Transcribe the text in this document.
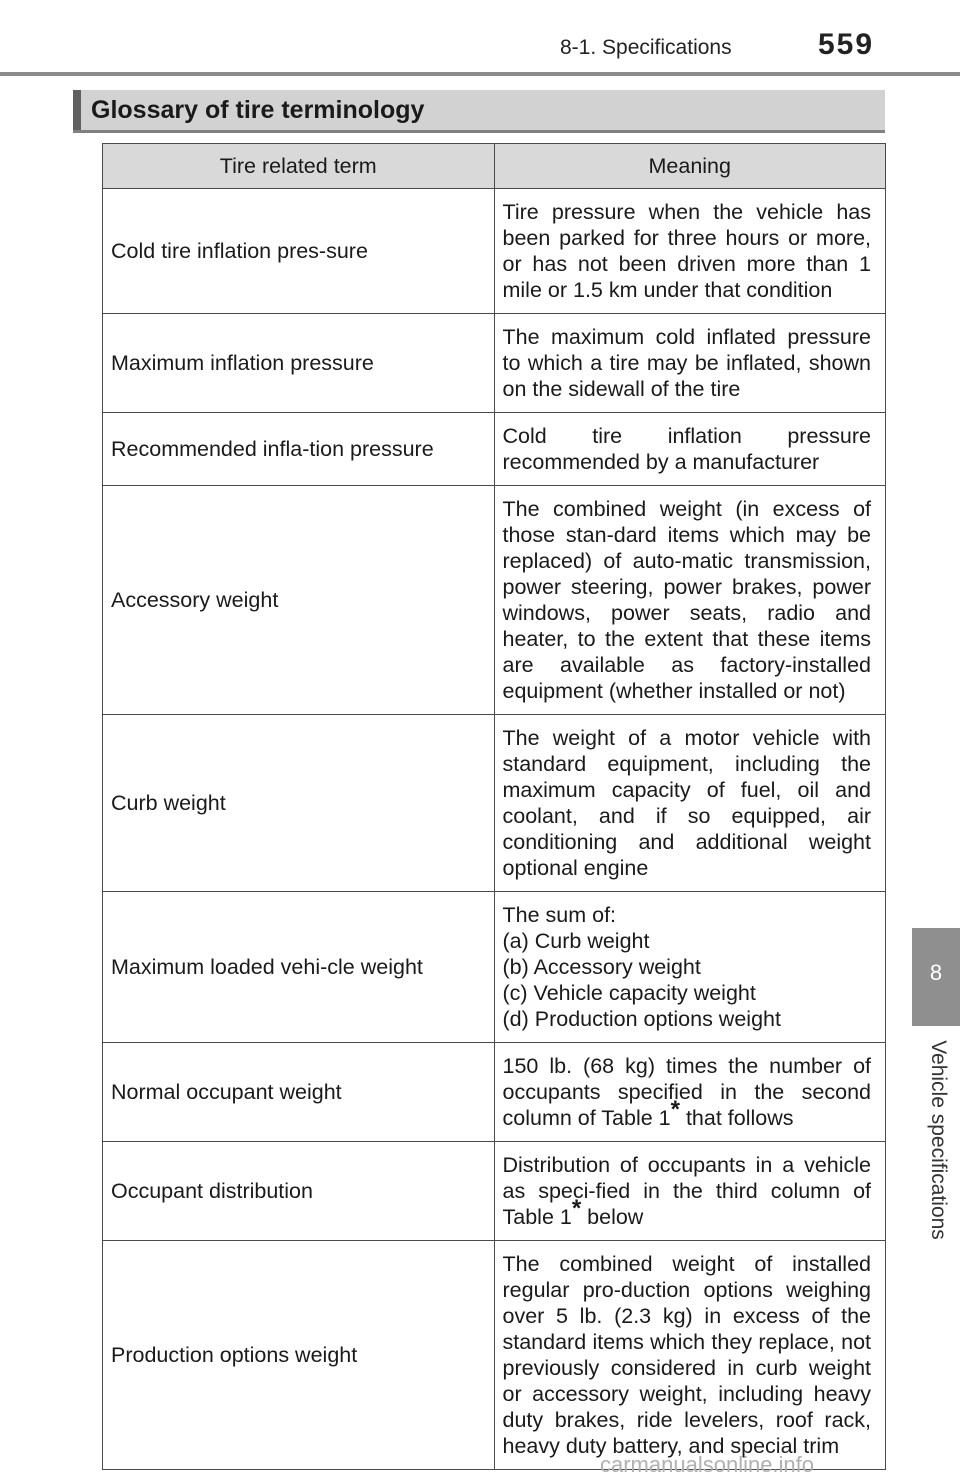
8-1. Specifications	559
Glossary of tire terminology
Tire related term	Meaning
Cold tire inflation pres-sure	Tire pressure when the vehicle has been parked for three hours or more, or has not been driven more than 1 mile or 1.5 km under that condition
Maximum inflation pressure	The maximum cold inflated pressure to which a tire may be inflated, shown on the sidewall of the tire
Recommended infla-tion pressure	Cold tire inflation pressure recommended by a manufacturer
Accessory weight	The combined weight (in excess of those stan-dard items which may be replaced) of auto-matic transmission, power steering, power brakes, power windows, power seats, radio and heater, to the extent that these items are available as factory-installed equipment (whether installed or not)
Curb weight	The weight of a motor vehicle with standard equipment, including the maximum capacity of fuel, oil and coolant, and if so equipped, air conditioning and additional weight optional engine
Maximum loaded vehi-cle weight	The sum of:
(a) Curb weight
(b) Accessory weight
(c) Vehicle capacity weight
(d) Production options weight

Normal occupant weight	150 lb. (68 kg) times the number of occupants specified in the second column of Table 1* that follows
Occupant distribution	Distribution of occupants in a vehicle as speci-fied in the third column of Table 1* below
Production options weight	The combined weight of installed regular pro-duction options weighing over 5 lb. (2.3 kg) in excess of the standard items which they replace, not previously considered in curb weight or accessory weight, including heavy duty brakes, ride levelers, roof rack, heavy duty battery, and special trim
8
Vehicle specifications
carmanualsonline.info
